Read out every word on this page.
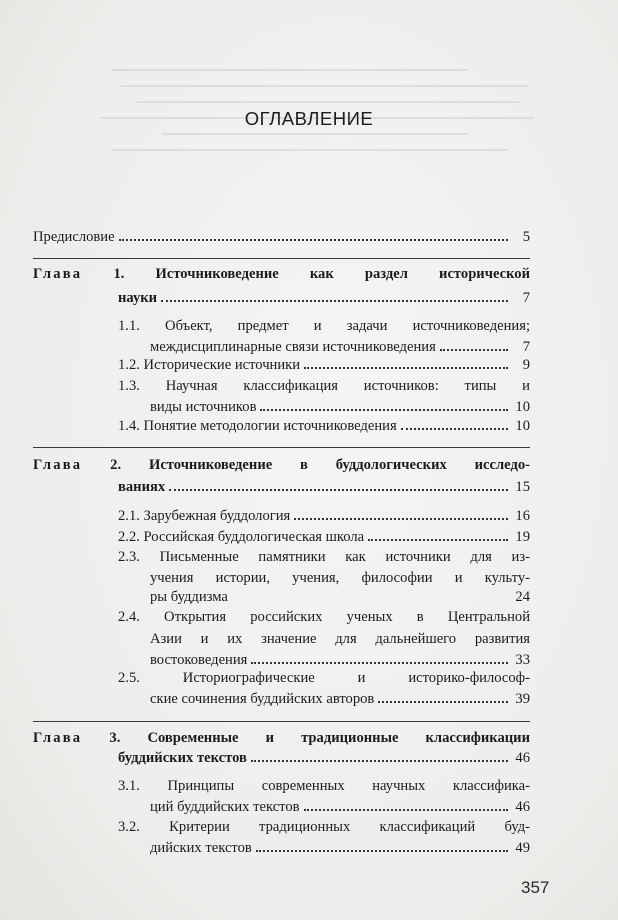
ОГЛАВЛЕНИЕ
Предисловие	5
Глава 1. Источниковедение как раздел исторической
науки	7
1.1. Объект, предмет и задачи источниковедения;
междисциплинарные связи источниковедения	7
1.2. Исторические источники	9
1.3. Научная классификация источников: типы и
виды источников	10
1.4. Понятие методологии источниковедения	10
Глава 2. Источниковедение в буддологических исследо-
ваниях	15
2.1. Зарубежная буддология	16
2.2. Российская буддологическая школа	19
2.3. Письменные памятники как источники для из-
учения истории, учения, философии и культу-
ры буддизма	24
2.4. Открытия российских ученых в Центральной
Азии и их значение для дальнейшего развития
востоковедения	33
2.5. Историографические и историко-философ-
ские сочинения буддийских авторов	39
Глава 3. Современные и традиционные классификации
буддийских текстов	46
3.1. Принципы современных научных классифика-
ций буддийских текстов	46
3.2. Критерии традиционных классификаций буд-
дийских текстов	49
357
